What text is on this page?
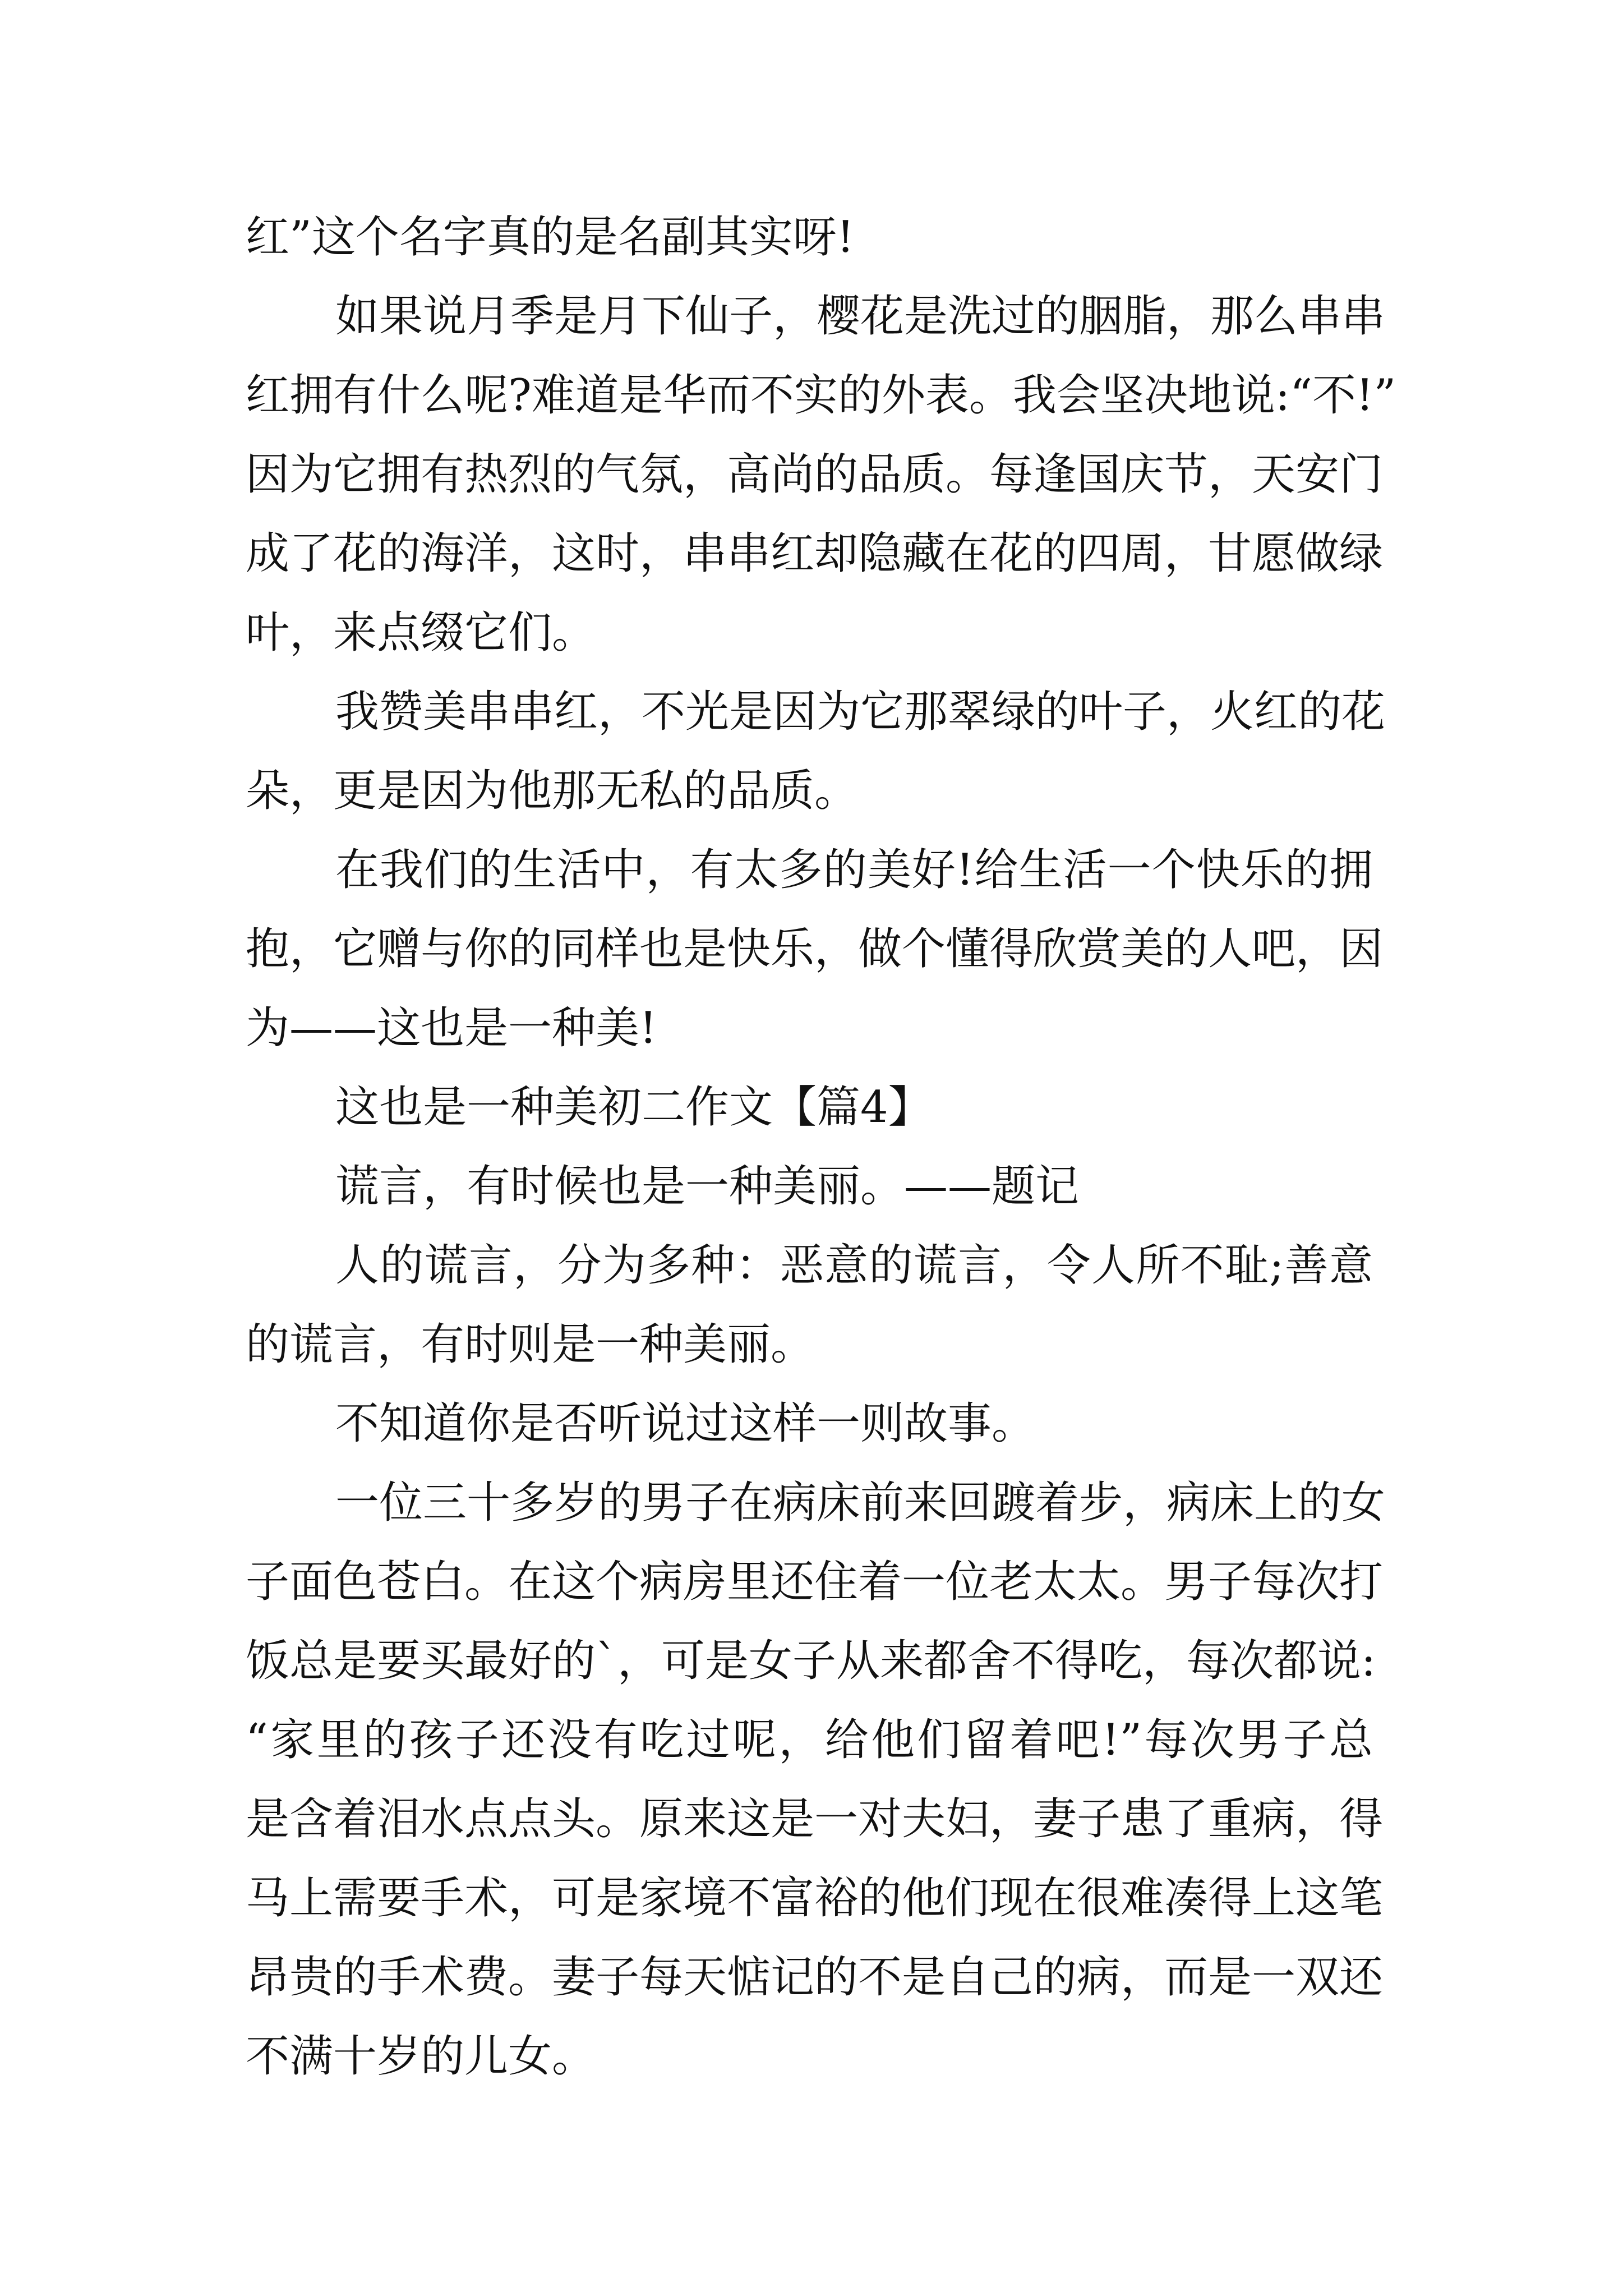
红”这个名字真的是名副其实呀!
如果说月季是月下仙子，樱花是洗过的胭脂，那么串串
红拥有什么呢?难道是华而不实的外表。我会坚决地说:“不!”
因为它拥有热烈的气氛，高尚的品质。每逢国庆节，天安门
成了花的海洋，这时，串串红却隐藏在花的四周，甘愿做绿
叶，来点缀它们。
我赞美串串红，不光是因为它那翠绿的叶子，火红的花
朵，更是因为他那无私的品质。
在我们的生活中，有太多的美好!给生活一个快乐的拥
抱，它赠与你的同样也是快乐，做个懂得欣赏美的人吧，因
为——这也是一种美!
这也是一种美初二作文【篇4】
谎言，有时候也是一种美丽。——题记
人的谎言，分为多种：恶意的谎言，令人所不耻;善意
的谎言，有时则是一种美丽。
不知道你是否听说过这样一则故事。
一位三十多岁的男子在病床前来回踱着步，病床上的女
子面色苍白。在这个病房里还住着一位老太太。男子每次打
饭总是要买最好的`，可是女子从来都舍不得吃，每次都说:
“家里的孩子还没有吃过呢，给他们留着吧!”每次男子总
是含着泪水点点头。原来这是一对夫妇，妻子患了重病，得
马上需要手术，可是家境不富裕的他们现在很难凑得上这笔
昂贵的手术费。妻子每天惦记的不是自己的病，而是一双还
不满十岁的儿女。
